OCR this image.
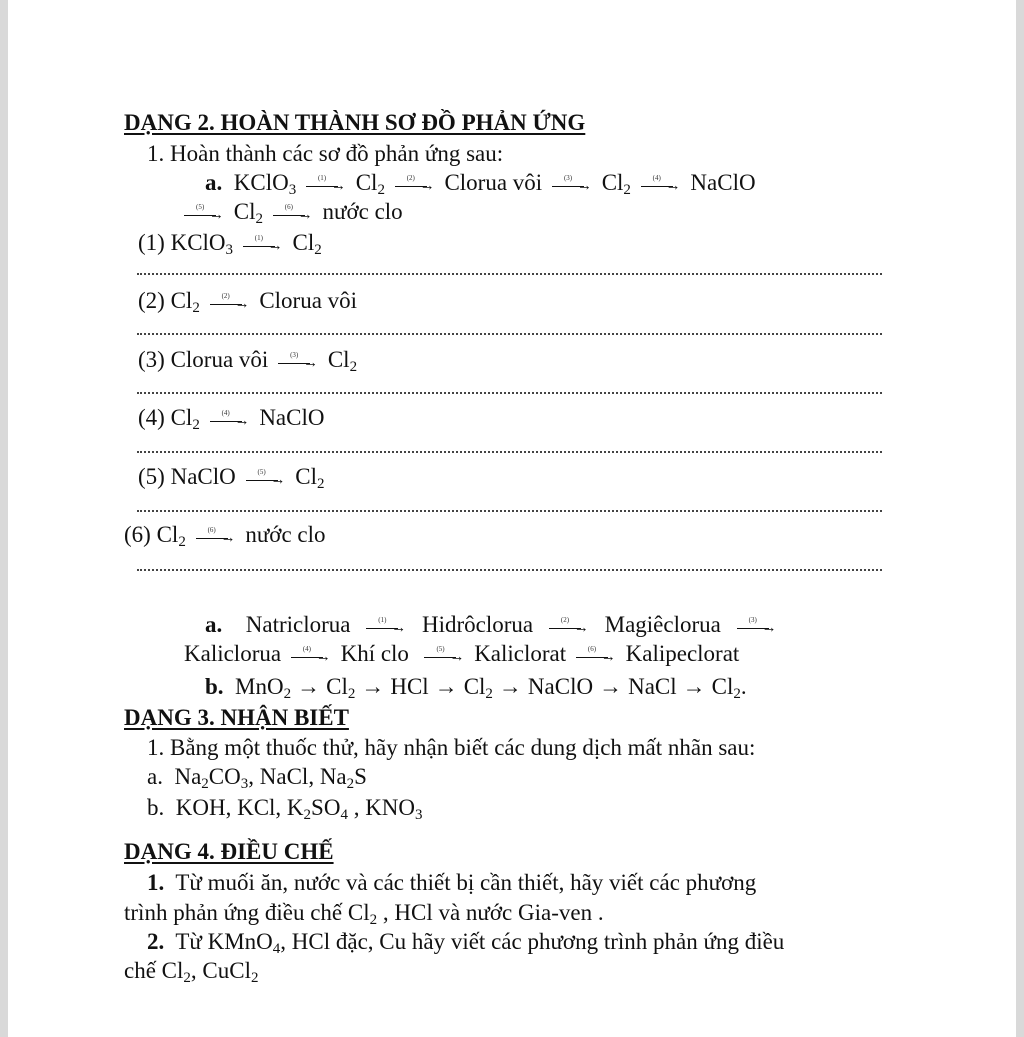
DẠNG 2. HOÀN THÀNH SƠ ĐỒ PHẢN ỨNG
1. Hoàn thành các sơ đồ phản ứng sau:
a. KClO$_3$ →
(1) $Cl_2$ →
(2) Clorua vôi →
(3) $Cl_2$ →
(4) NaClO
→
(5) $Cl_2$ →
(6) nước clo
(1) KClO$_3$ →
(1) $Cl_2$
(2) $Cl_2$ →
(2) Clorua vôi
(3) Clorua vôi →
(3) $Cl_2$
(4) $Cl_2$ →
(4) NaClO
(5) NaClO →
(5) $Cl_2$
(6) $Cl_2$ →
(6) nước clo
a. Natriclorua	→
(1) Hidrôclorua	→
(2) Magiêclorua	→
(3)
Kaliclorua →
(4) Khí clo	→
(5) Kaliclorat →
(6) Kalipeclorat
b. $MnO_2 \to Cl_2$ → HCl → $Cl_2$ → NaClO → NaCl → $Cl_2$.
DẠNG 3. NHẬN BIẾT
1. Bằng một thuốc thử, hãy nhận biết các dung dịch mất nhãn sau:
a. $Na_2CO_3$, NaCl, $Na_2S$
b. KOH, KCl, $K_2SO_4$ , $KNO_3$
DẠNG 4. ĐIỀU CHẾ
1. Từ muối ăn, nước và các thiết bị cần thiết, hãy viết các phương
trình phản ứng điều chế $Cl_2$ , HCl và nước Gia-ven .
2. Từ KMnO$_4$, HCl đặc, Cu hãy viết các phương trình phản ứng điều
chế $Cl_2$, CuCl$_2$
